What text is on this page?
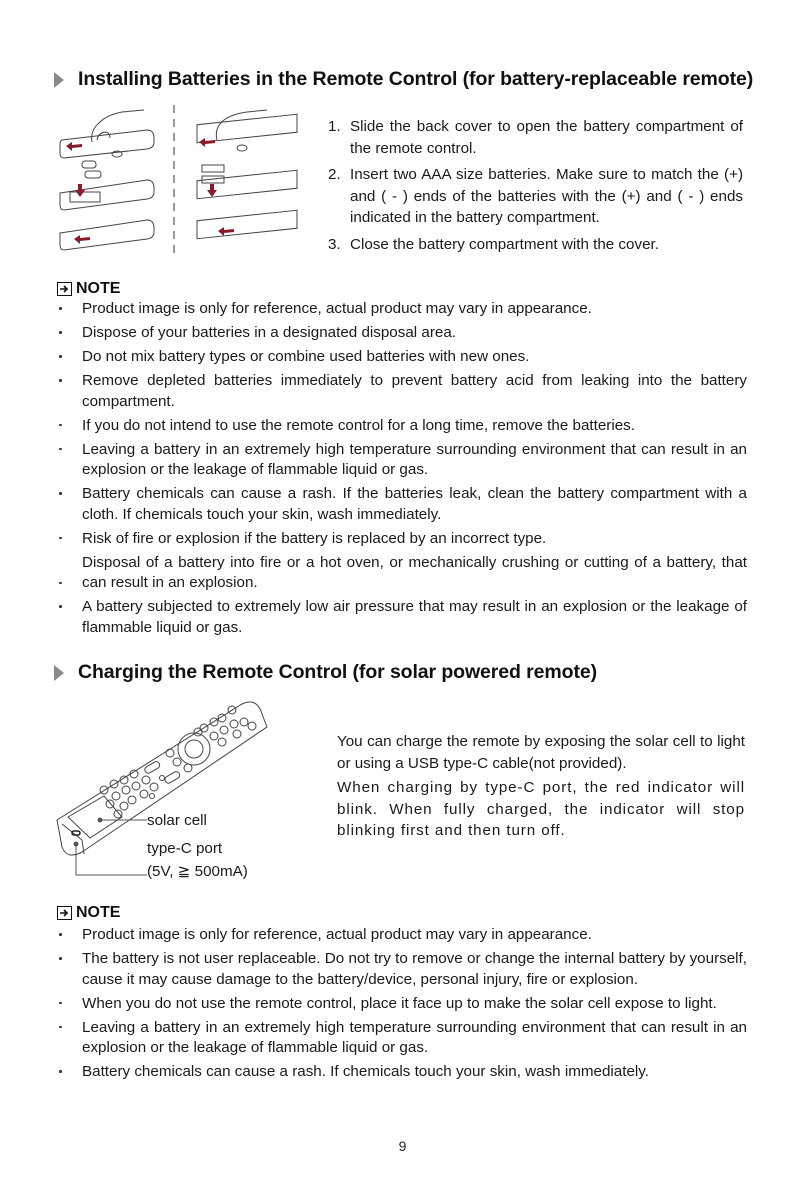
Installing Batteries in the Remote Control (for battery-replaceable remote)
1. Slide the back cover to open the battery compartment of the remote control.
2. Insert two AAA size batteries. Make sure to match the (+) and ( - ) ends of the batteries with the (+) and ( - ) ends indicated in the battery compartment.
3. Close the battery compartment with the cover.
NOTE
Product image is only for reference, actual product may vary in appearance.
Dispose of your batteries in a designated disposal area.
Do not mix battery types or combine used batteries with new ones.
Remove depleted batteries immediately to prevent battery acid from leaking into the battery compartment.
If you do not intend to use the remote control for a long time, remove the batteries.
Leaving a battery in an extremely high temperature surrounding environment that can result in an explosion or the leakage of flammable liquid or gas.
Battery chemicals can cause a rash. If the batteries leak, clean the battery compartment with a cloth. If chemicals touch your skin, wash immediately.
Risk of fire or explosion if the battery is replaced by an incorrect type.
Disposal of a battery into fire or a hot oven, or mechanically crushing or cutting of a battery, that can result in an explosion.
A battery subjected to extremely low air pressure that may result in an explosion or the leakage of flammable liquid or gas.
Charging the Remote Control (for solar powered remote)
solar cell
type-C port
(5V, ≧ 500mA)

You can charge the remote by exposing the solar cell to light or using a USB type-C cable(not provided).

When charging by type-C port, the red indicator will blink. When fully charged, the indicator will stop blinking first and then turn off.

NOTE
Product image is only for reference, actual product may vary in appearance.
The battery is not user replaceable. Do not try to remove or change the internal battery by yourself, cause it may cause damage to the battery/device, personal injury, fire or explosion.
When you do not use the remote control, place it face up to make the solar cell expose to light.
Leaving a battery in an extremely high temperature surrounding environment that can result in an explosion or the leakage of flammable liquid or gas.
Battery chemicals can cause a rash. If chemicals touch your skin, wash immediately.
9
